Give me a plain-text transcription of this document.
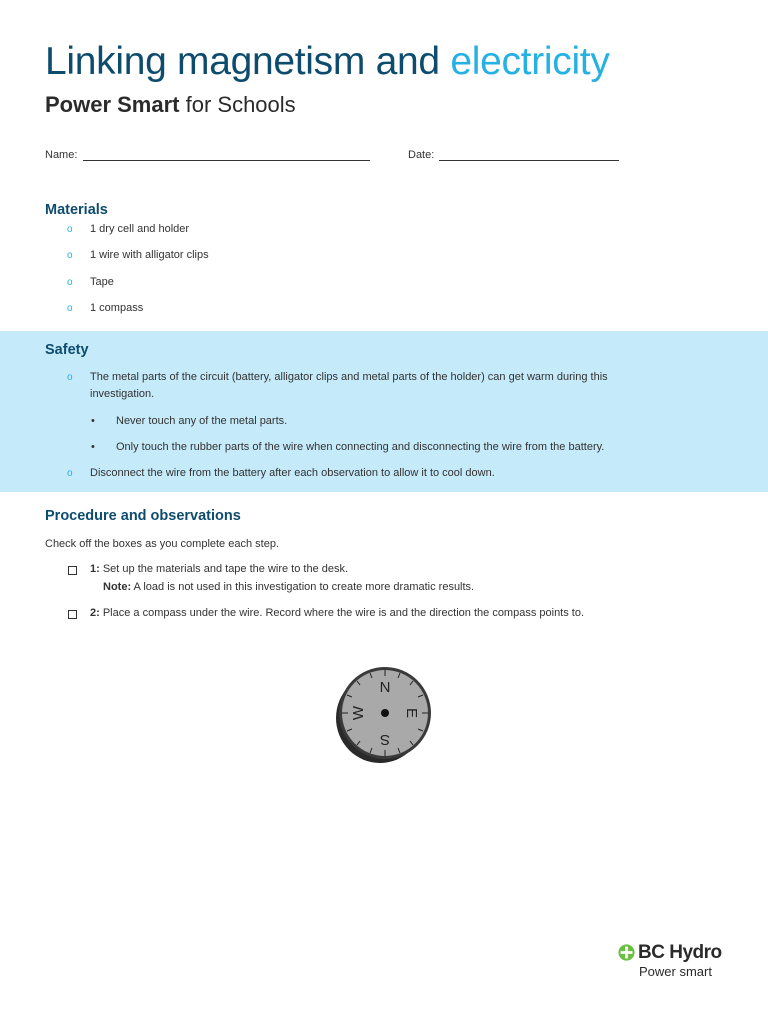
Linking magnetism and electricity
Power Smart for Schools
Name:	Date:
Materials
o 1 dry cell and holder
o 1 wire with alligator clips
o Tape
o 1 compass
Safety
o The metal parts of the circuit (battery, alligator clips and metal parts of the holder) can get warm during this
investigation.
• Never touch any of the metal parts.
• Only touch the rubber parts of the wire when connecting and disconnecting the wire from the battery.
o Disconnect the wire from the battery after each observation to allow it to cool down.
Procedure and observations
Check off the boxes as you complete each step.
1: Set up the materials and tape the wire to the desk.
Note: A load is not used in this investigation to create more dramatic results.
2: Place a compass under the wire. Record where the wire is and the direction the compass points to.
N
E
S
W
BC Hydro
Power smart
